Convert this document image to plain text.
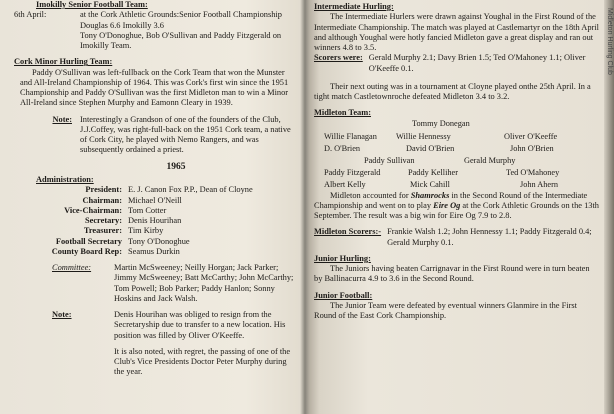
Midleton Hurling Club

Imokilly Senior Football Team:

6th April:	at the Cork Athletic Grounds:Senior Football Championship

Douglas 6.6 Imokilly 3.6

Tony O'Donoghue, Bob O'Sullivan and Paddy Fitzgerald on

Imokilly Team.

Cork Minor Hurling Team:

Paddy O'Sullivan was left-fullback on the Cork Team that won the Munster and All-Ireland Championship of 1964. This was Cork's first win since the 1951 Championship and Paddy O'Sullivan was the first Midleton man to win a Minor All-Ireland since Stephen Murphy and Eamonn Cleary in 1939.

Note: Interestingly a Grandson of one of the founders of the Club, J.J.Coffey, was right-full-back on the 1951 Cork team, a native of Cork City, he played with Nemo Rangers, and was subsequently ordained a priest.
1965

Administration:

President: E. J. Canon Fox P.P., Dean of Cloyne
Chairman: Michael O'Neill
Vice-Chairman: Tom Cotter
Secretary: Denis Hourihan
Treasurer: Tim Kirby
Football Secretary Tony O'Donoghue
County Board Rep: Seamus Durkin
Committee:	Martin McSweeney; Neilly Horgan; Jack Parker; Jimmy McSweeney; Batt McCarthy; John McCarthy; Tom Powell; Bob Parker; Paddy Hanlon; Sonny Hoskins and Jack Walsh.
Note:	Denis Hourihan was obliged to resign from the Secretaryship due to transfer to a new location. His position was filled by Oliver O'Keeffe.

It is also noted, with regret, the passing of one of the Club's Vice Presidents Doctor Peter Murphy during the year.

Intermediate Hurling:

The Intermediate Hurlers were drawn against Youghal in the First Round of the Intermediate Championship. The match was played at Castlemartyr on the 18th April and although Youghal were hotly fancied Midleton gave a great display and ran out winners 4.8 to 3.5.

Scorers were: Gerald Murphy 2.1; Davy Brien 1.5; Ted O'Mahoney 1.1; Oliver O'Keeffe 0.1.

Their next outing was in a tournament at Cloyne played onthe 25th April. In a tight match Castletownroche defeated Midleton 3.4 to 3.2.

Midleton Team:

Tommy Donegan
Willie Flanagan Willie Hennessy	Oliver O'Keeffe
D. O'Brien	David O'Brien	John O'Brien
Paddy Sullivan	Gerald Murphy
Paddy Fitzgerald	Paddy Kelliher	Ted O'Mahoney
Albert Kelly	Mick Cahill	John Ahern

Midleton accounted for Shamrocks in the Second Round of the Intermediate Championship and went on to play Eire Og at the Cork Athletic Grounds on the 13th September. The result was a big win for Eire Og 7.9 to 2.8.

Midleton Scorers:- Frankie Walsh 1.2; John Hennessy 1.1; Paddy Fitzgerald 0.4; Gerald Murphy 0.1.

Junior Hurling:

The Juniors having beaten Carrignavar in the First Round were in turn beaten by Ballinacurra 4.9 to 3.6 in the Second Round.

Junior Football:

The Junior Team were defeated by eventual winners Glanmire in the First Round of the East Cork Championship.
